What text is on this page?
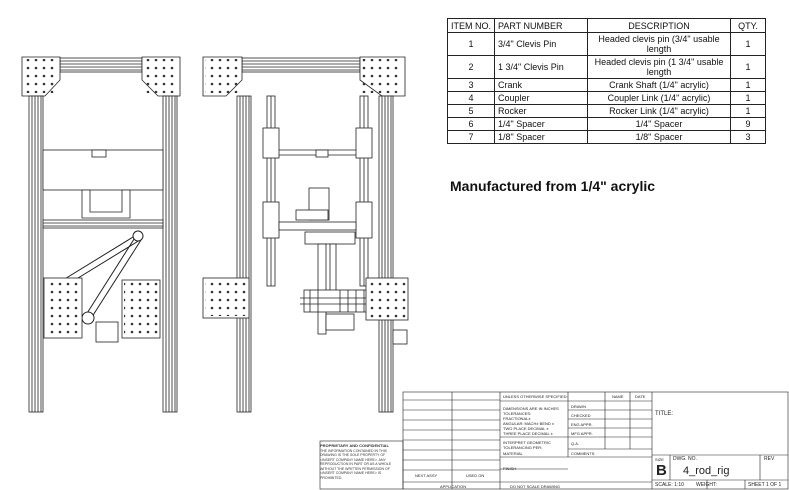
ITEM NO.	PART NUMBER	DESCRIPTION	QTY.
1	3/4" Clevis Pin	Headed clevis pin (3/4" usable length	1
2	1 3/4" Clevis Pin	Headed clevis pin (1 3/4" usable length	1
3	Crank	Crank Shaft (1/4" acrylic)	1
4	Coupler	Coupler Link (1/4" acrylic)	1
5	Rocker	Rocker Link (1/4" acrylic)	1
6	1/4" Spacer	1/4" Spacer	9
7	1/8" Spacer	1/8" Spacer	3
Manufactured from 1/4" acrylic
UNLESS OTHERWISE SPECIFIED:	NAME	DATE
DRAWN
CHECKED
ENG APPR.
MFG APPR.
Q.A.
COMMENTS:
TITLE:
DIMENSIONS ARE IN INCHES
TOLERANCES:
FRACTIONAL±
ANGULAR: MACH± BEND ±
TWO PLACE DECIMAL ±
THREE PLACE DECIMAL ±
INTERPRET GEOMETRIC
TOLERANCING PER:
MATERIAL
FINISH
NEXT ASSY	USED ON
APPLICATION	DO NOT SCALE DRAWING
SIZE
B
DWG. NO.
4_rod_rig
REV
SCALE: 1:10 WEIGHT:	SHEET 1 OF 1
PROPRIETARY AND CONFIDENTIAL
THE INFORMATION CONTAINED IN THIS DRAWING IS THE SOLE PROPERTY OF <INSERT COMPANY NAME HERE>. ANY REPRODUCTION IN PART OR AS A WHOLE WITHOUT THE WRITTEN PERMISSION OF <INSERT COMPANY NAME HERE> IS PROHIBITED.
